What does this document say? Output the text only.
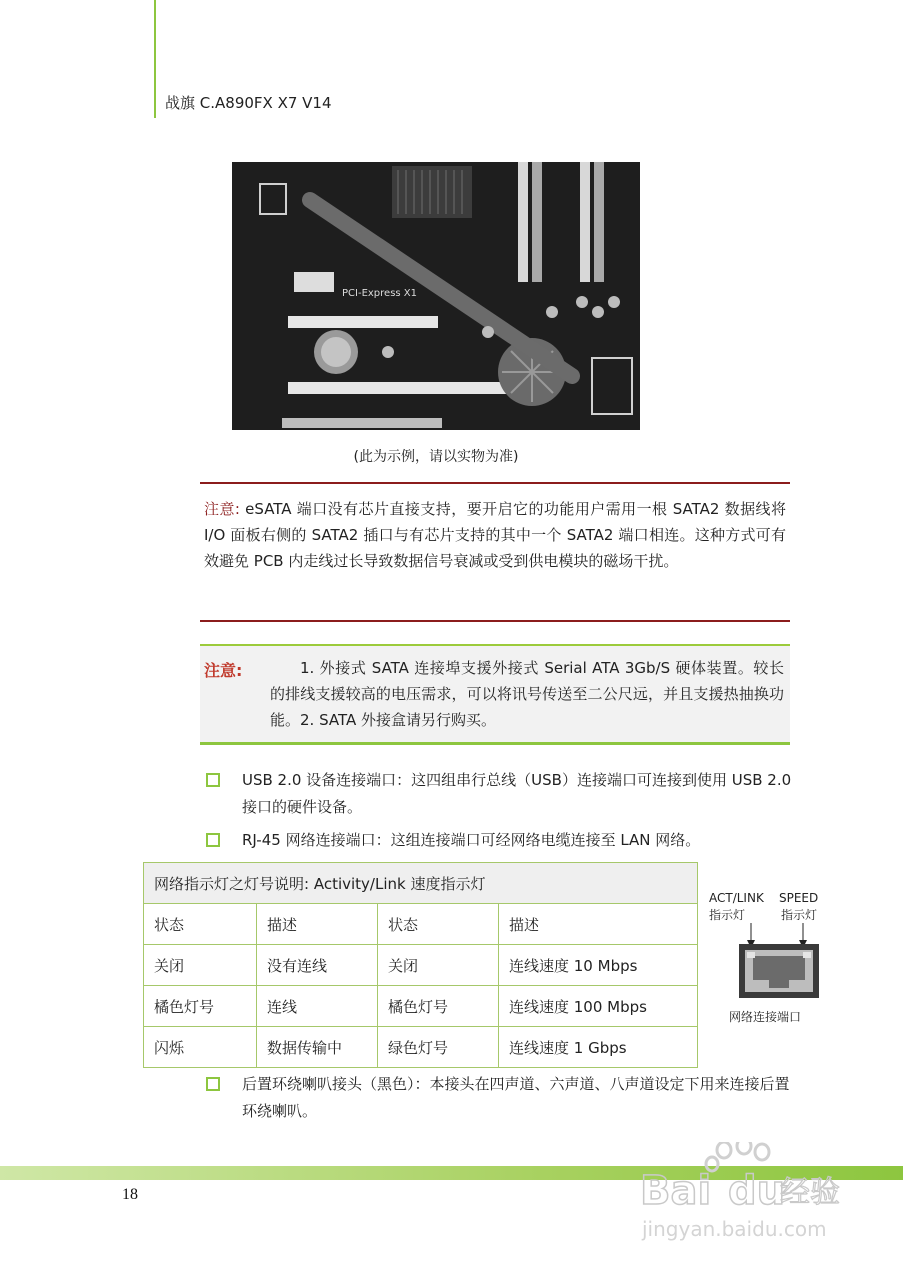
战旗 C.A890FX X7 V14
PCI-Express X1
(此为示例，请以实物为准)

注意: eSATA 端口没有芯片直接支持，要开启它的功能用户需用一根 SATA2 数据线将 I/O 面板右侧的 SATA2 插口与有芯片支持的其中一个 SATA2 端口相连。这种方式可有效避免 PCB 内走线过长导致数据信号衰减或受到供电模块的磁场干扰。

注意:	1. 外接式 SATA 连接埠支援外接式 Serial ATA 3Gb/S 硬体装置。较长的排线支援较高的电压需求，可以将讯号传送至二公尺远，并且支援热抽换功能。2. SATA 外接盒请另行购买。
USB 2.0 设备连接端口：这四组串行总线（USB）连接端口可连接到使用 USB 2.0 接口的硬件设备。
RJ-45 网络连接端口：这组连接端口可经网络电缆连接至 LAN 网络。
网络指示灯之灯号说明: Activity/Link 速度指示灯			
状态	描述	状态	描述
关闭	没有连线	关闭	连线速度 10 Mbps
橘色灯号	连线	橘色灯号	连线速度 100 Mbps
闪烁	数据传输中	绿色灯号	连线速度 1 Gbps
ACT/LINK SPEED
指示灯	指示灯
网络连接端口
后置环绕喇叭接头（黑色）：本接头在四声道、六声道、八声道设定下用来连接后置环绕喇叭。
18	Bai du
经验
jingyan.baidu.com
